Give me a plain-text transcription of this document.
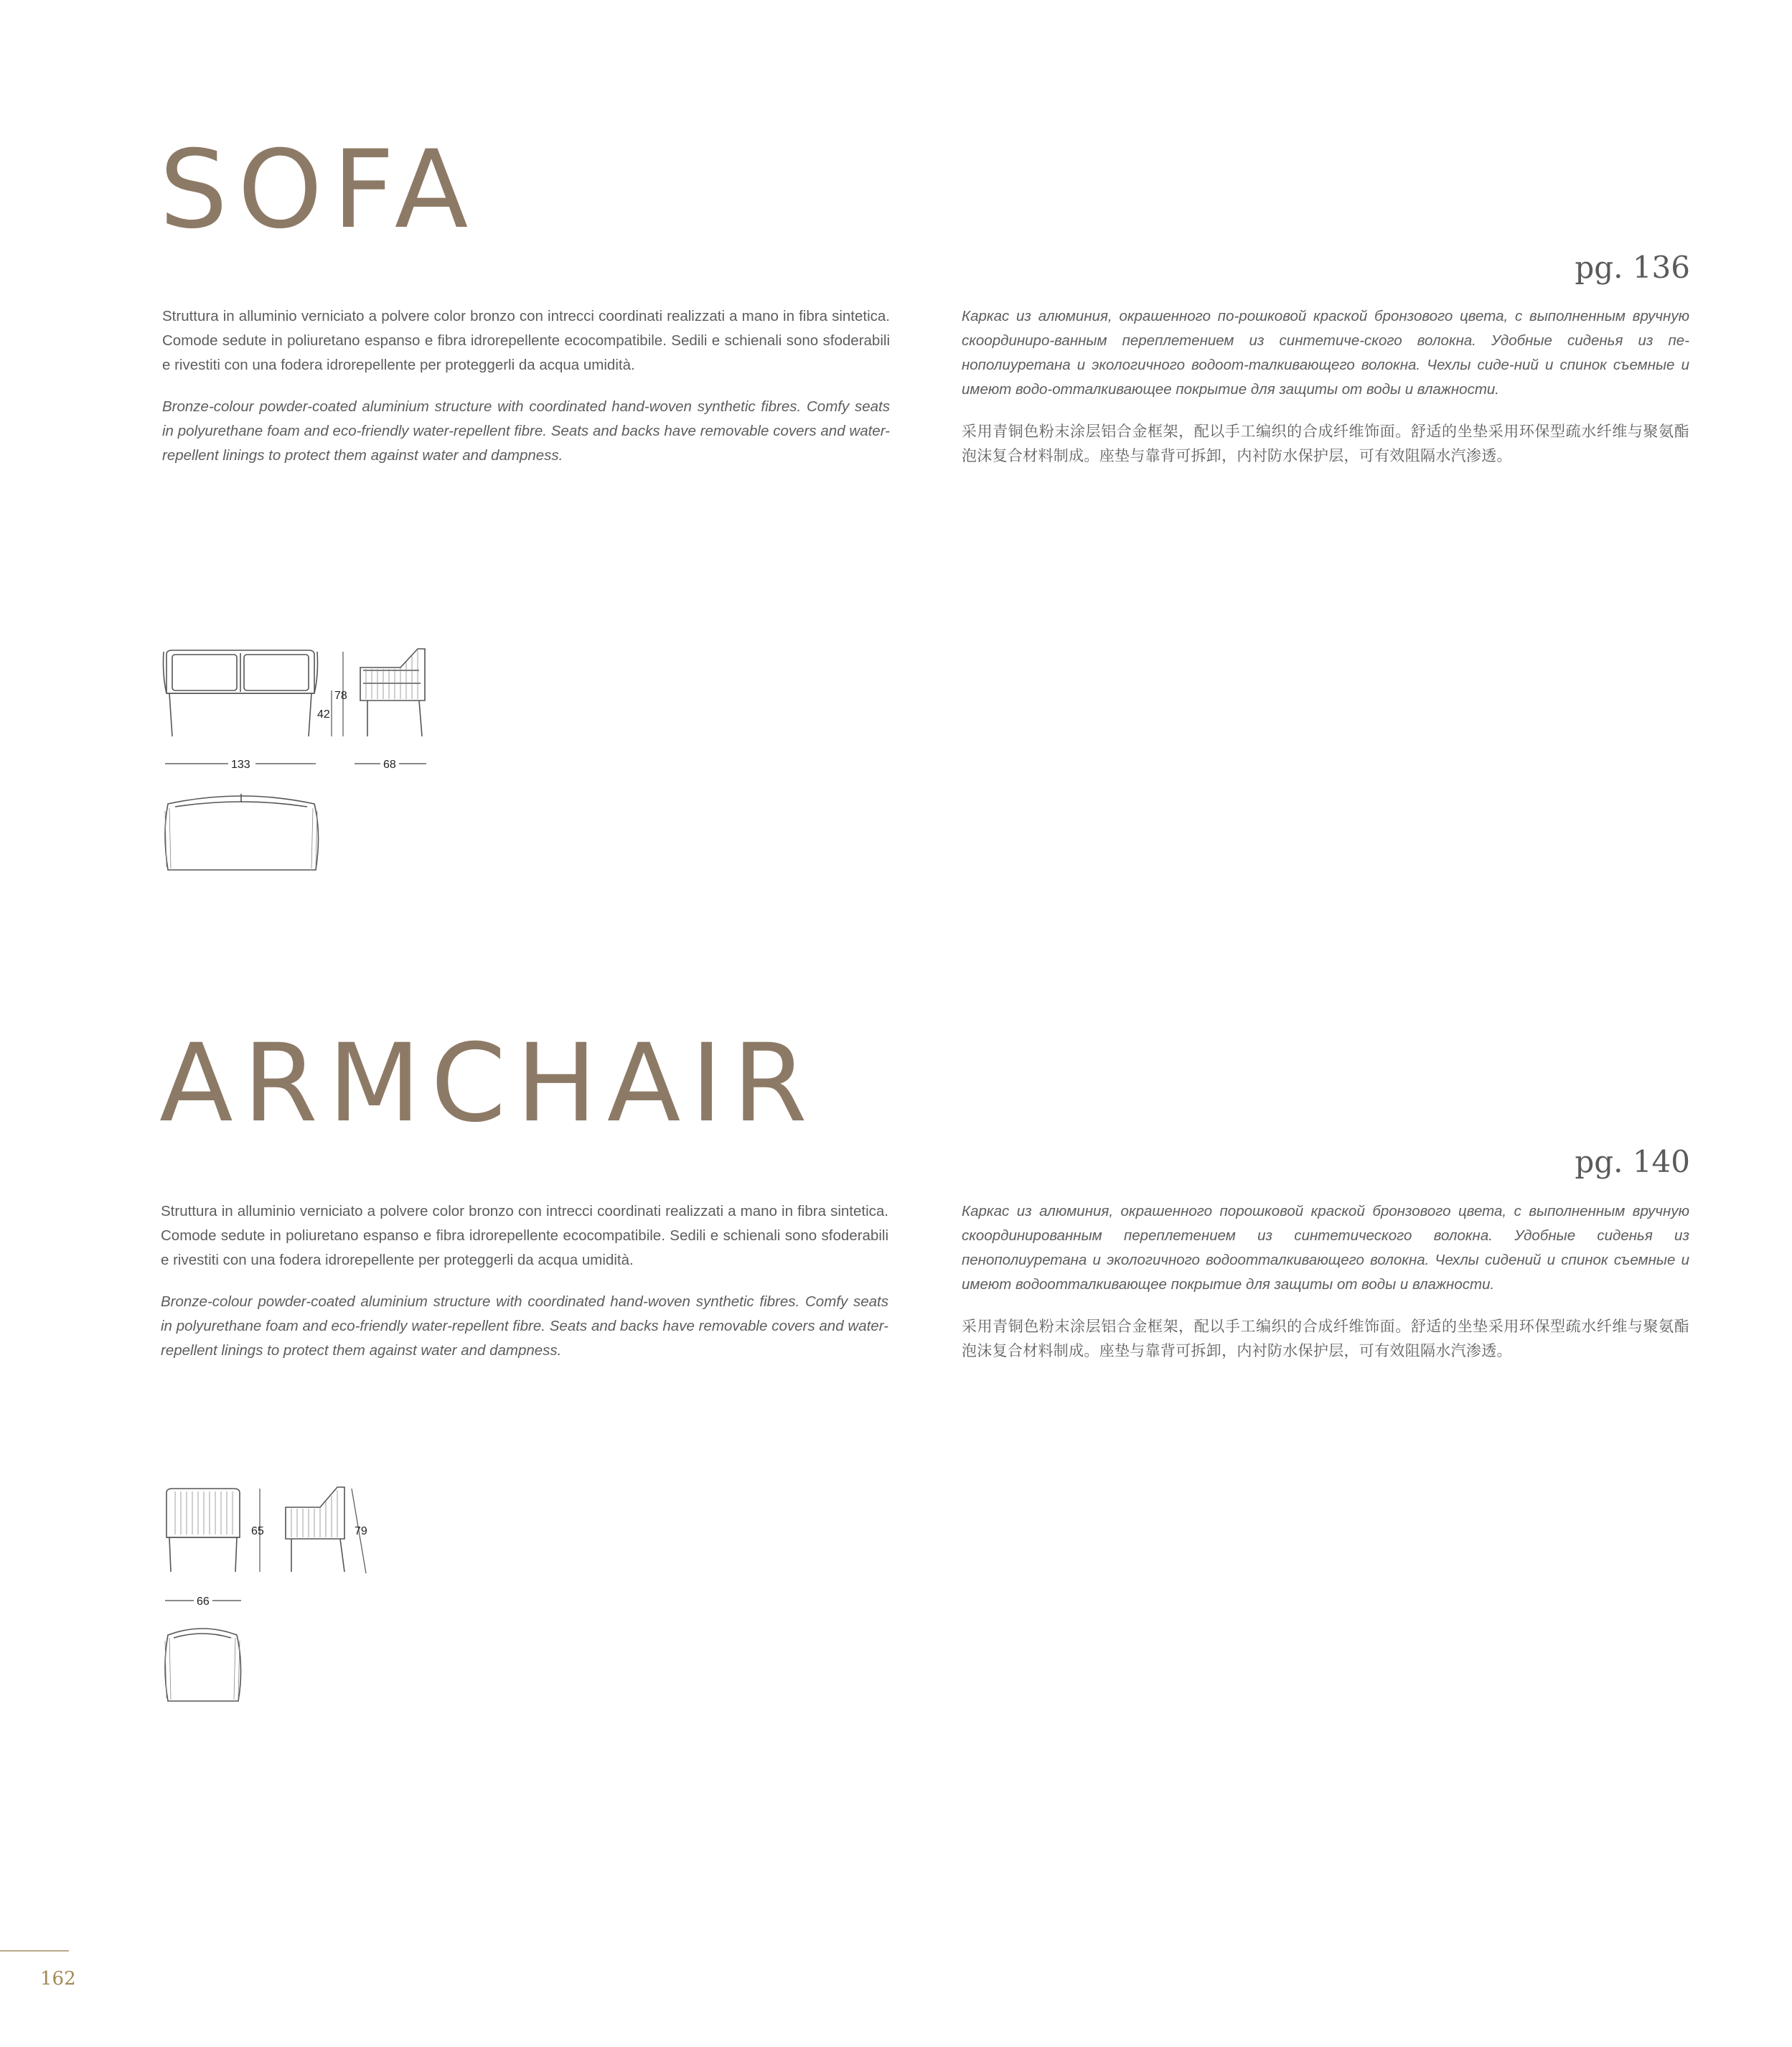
SOFA
pg. 136

Struttura in alluminio verniciato a polvere color bronzo con intrecci coordinati realizzati a mano in fibra sintetica. Comode sedute in poliuretano espanso e fibra idrorepellente ecocompatibile. Sedili e schienali sono sfoderabili e rivestiti con una fodera idrorepellente per proteggerli da acqua umidità.

Bronze-colour powder-coated aluminium structure with coordinated hand-woven synthetic fibres. Comfy seats in polyurethane foam and eco-friendly water-repellent fibre. Seats and backs have removable covers and water-repellent linings to protect them against water and dampness.

Каркас из алюминия, окрашенного по-рошковой краской бронзового цвета, с выполненным вручную скоординиро-ванным переплетением из синтетиче-ского волокна. Удобные сиденья из пе-нополиуретана и экологичного водоот-талкивающего волокна. Чехлы сиде-ний и спинок съемные и имеют водо-отталкивающее покрытие для защиты от воды и влажности.

采用青铜色粉末涂层铝合金框架，配以手工编织的合成纤维饰面。舒适的坐垫采用环保型疏水纤维与聚氨酯泡沫复合材料制成。座垫与靠背可拆卸，内衬防水保护层，可有效阻隔水汽渗透。

78
42
133	68
ARMCHAIR
pg. 140

Struttura in alluminio verniciato a polvere color bronzo con intrecci coordinati realizzati a mano in fibra sintetica. Comode sedute in poliuretano espanso e fibra idrorepellente ecocompatibile. Sedili e schienali sono sfoderabili e rivestiti con una fodera idrorepellente per proteggerli da acqua umidità.

Bronze-colour powder-coated aluminium structure with coordinated hand-woven synthetic fibres. Comfy seats in polyurethane foam and eco-friendly water-repellent fibre. Seats and backs have removable covers and water-repellent linings to protect them against water and dampness.

Каркас из алюминия, окрашенного порошковой краской бронзового цвета, с выполненным вручную скоординированным переплетением из синтетического волокна. Удобные сиденья из пенополиуретана и экологичного водоотталкивающего волокна. Чехлы сидений и спинок съемные и имеют водоотталкивающее покрытие для защиты от воды и влажности.

采用青铜色粉末涂层铝合金框架，配以手工编织的合成纤维饰面。舒适的坐垫采用环保型疏水纤维与聚氨酯泡沫复合材料制成。座垫与靠背可拆卸，内衬防水保护层，可有效阻隔水汽渗透。

65	79
66
162
